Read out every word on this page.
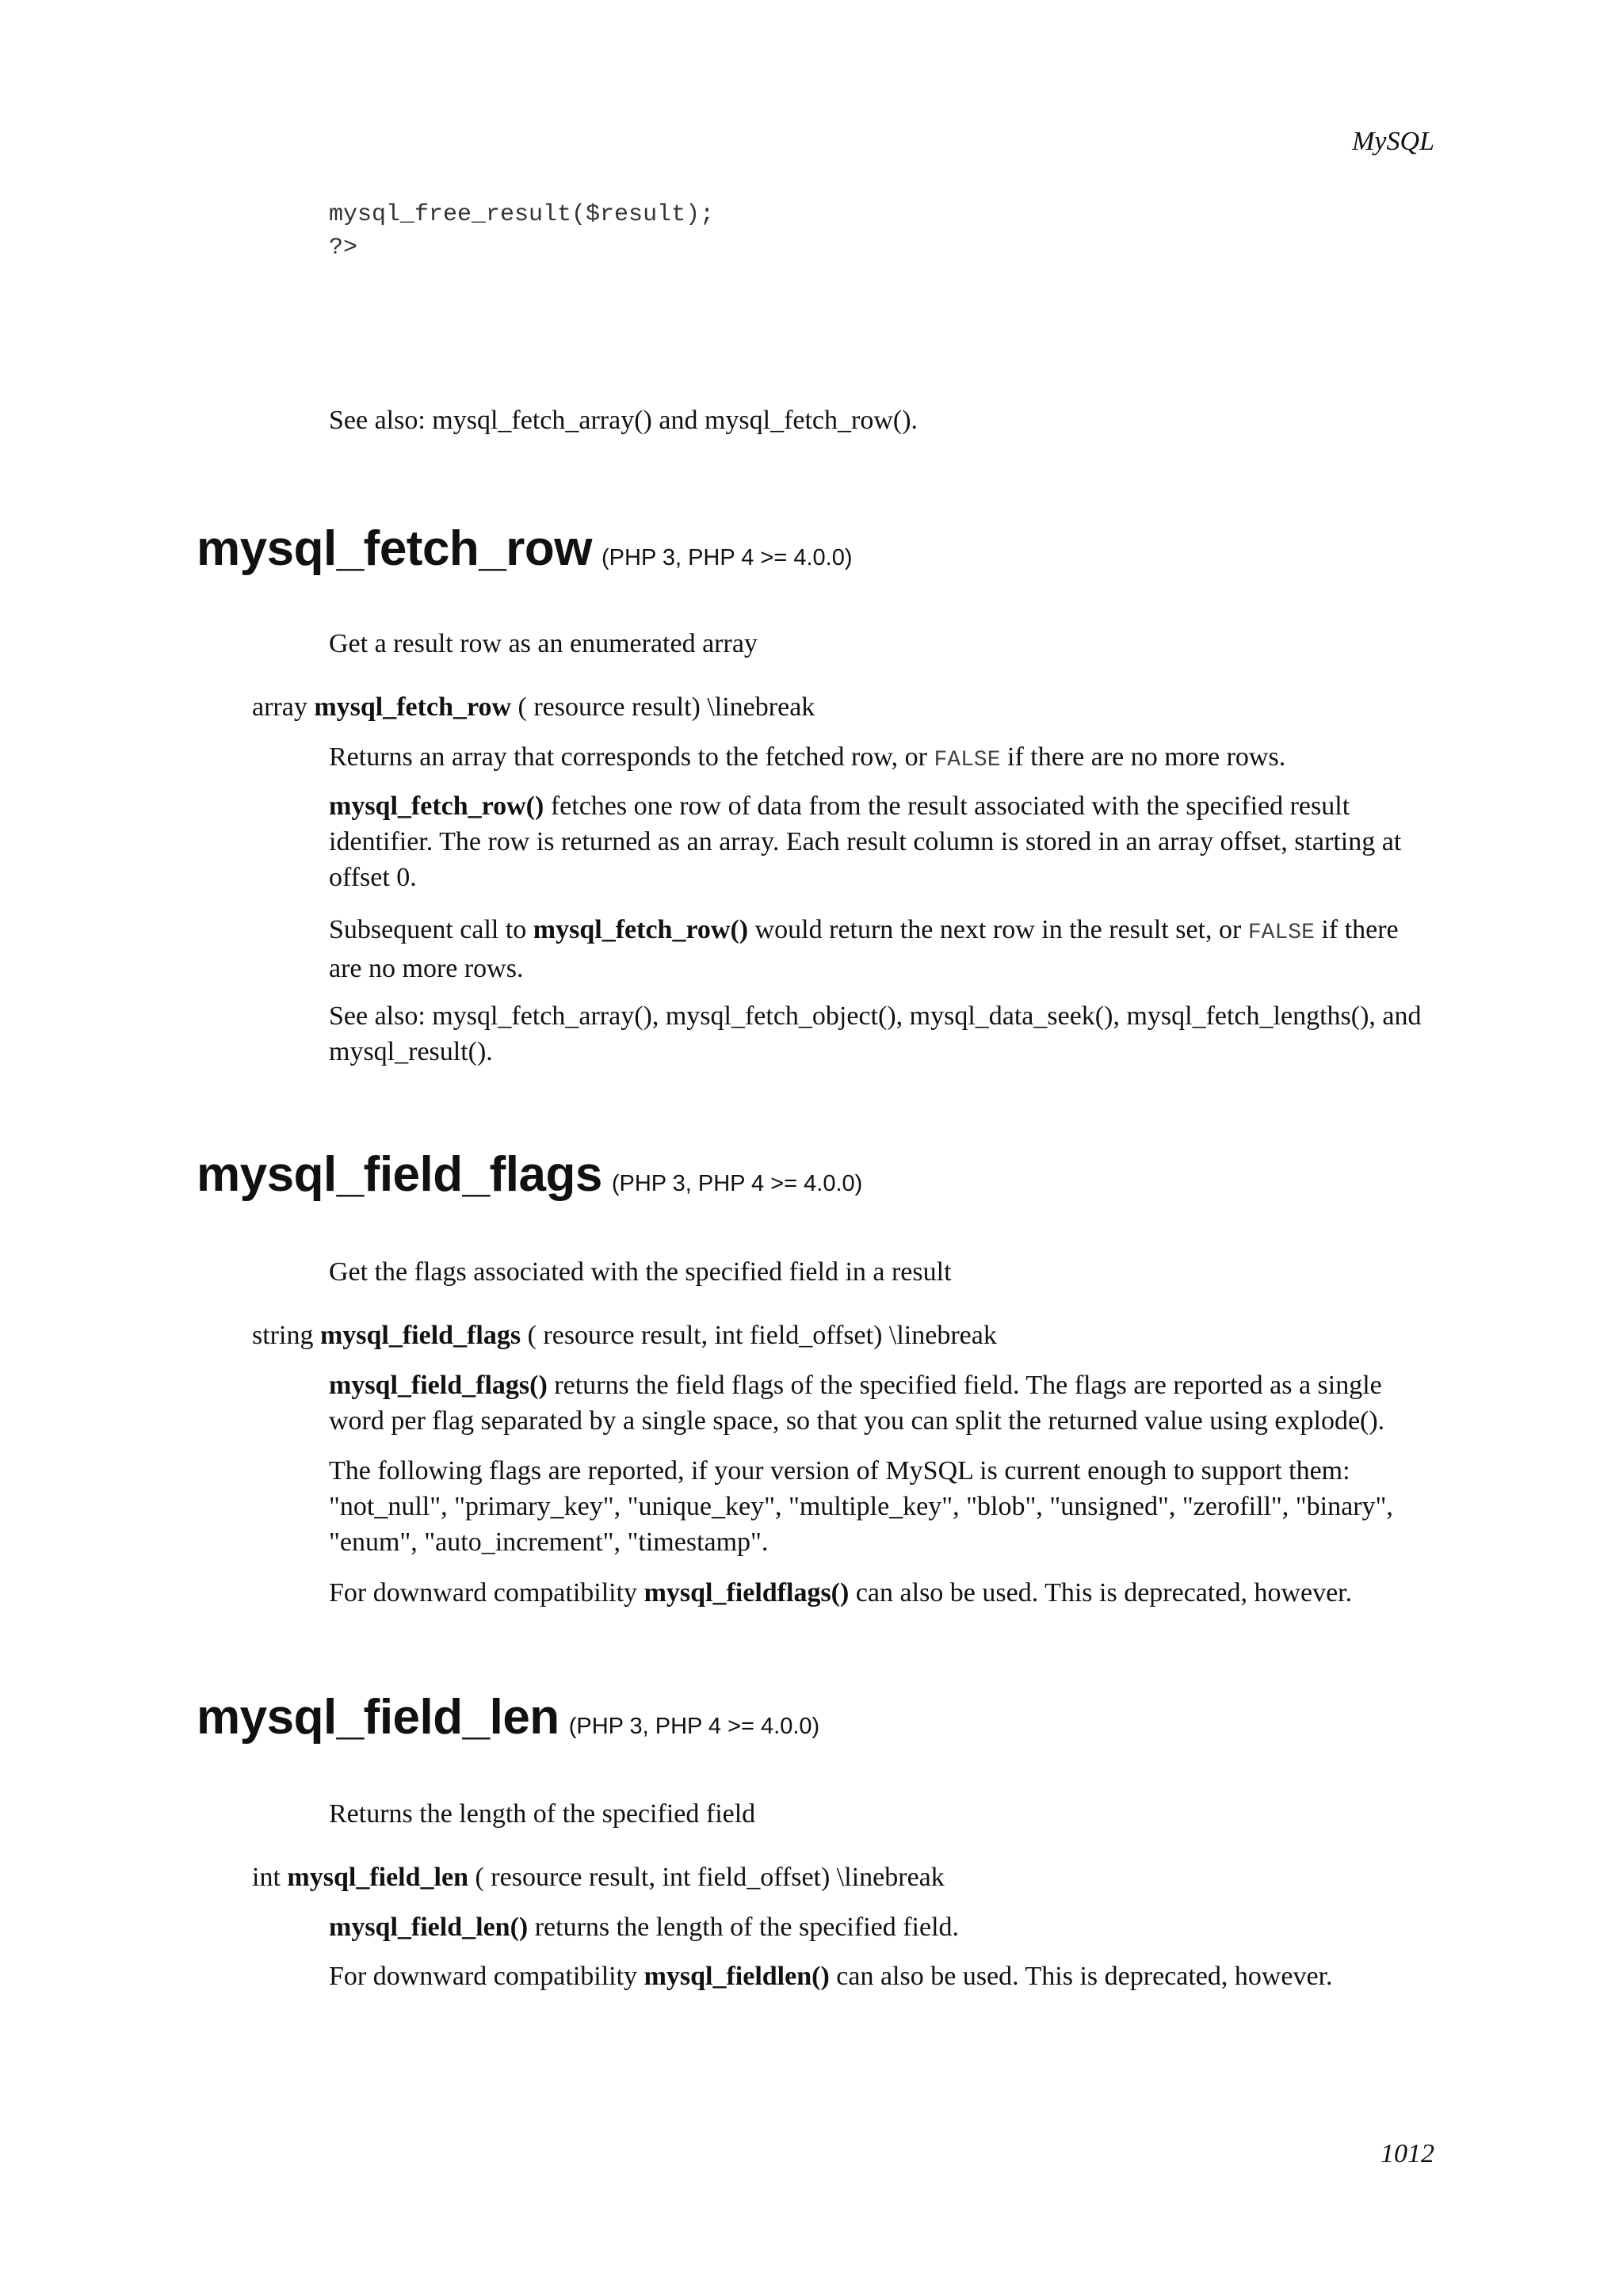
MySQL
mysql_free_result($result);
?>
See also: mysql_fetch_array() and mysql_fetch_row().
mysql_fetch_row (PHP 3, PHP 4 >= 4.0.0)
Get a result row as an enumerated array
array mysql_fetch_row ( resource result) \linebreak
Returns an array that corresponds to the fetched row, or FALSE if there are no more rows.
mysql_fetch_row() fetches one row of data from the result associated with the specified result identifier. The row is returned as an array. Each result column is stored in an array offset, starting at offset 0.
Subsequent call to mysql_fetch_row() would return the next row in the result set, or FALSE if there are no more rows.
See also: mysql_fetch_array(), mysql_fetch_object(), mysql_data_seek(), mysql_fetch_lengths(), and mysql_result().
mysql_field_flags (PHP 3, PHP 4 >= 4.0.0)
Get the flags associated with the specified field in a result
string mysql_field_flags ( resource result, int field_offset) \linebreak
mysql_field_flags() returns the field flags of the specified field. The flags are reported as a single word per flag separated by a single space, so that you can split the returned value using explode().
The following flags are reported, if your version of MySQL is current enough to support them: "not_null", "primary_key", "unique_key", "multiple_key", "blob", "unsigned", "zerofill", "binary", "enum", "auto_increment", "timestamp".
For downward compatibility mysql_fieldflags() can also be used. This is deprecated, however.
mysql_field_len (PHP 3, PHP 4 >= 4.0.0)
Returns the length of the specified field
int mysql_field_len ( resource result, int field_offset) \linebreak
mysql_field_len() returns the length of the specified field.
For downward compatibility mysql_fieldlen() can also be used. This is deprecated, however.
1012
